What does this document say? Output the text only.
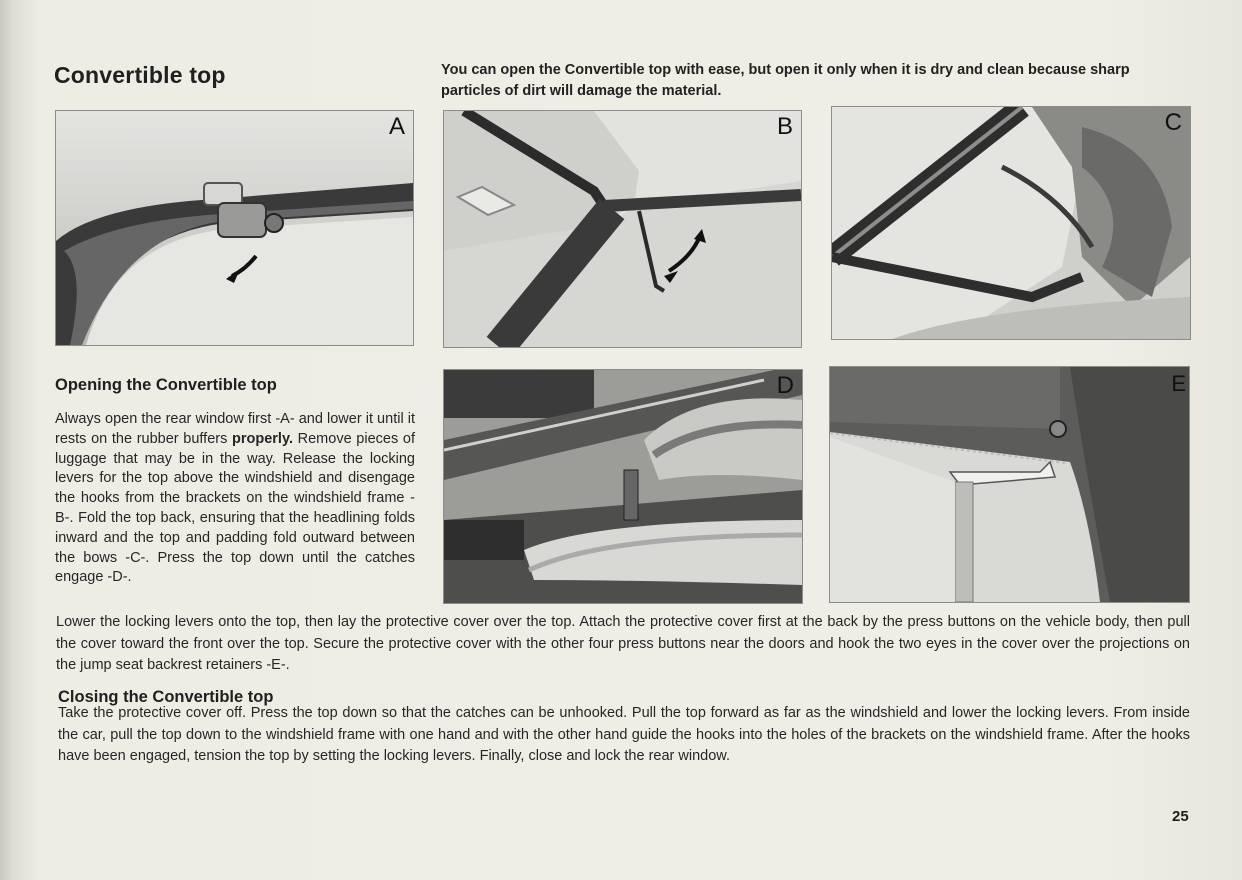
Convertible top	You can open the Convertible top with ease, but open it only when it is dry and clean because sharp particles of dirt will damage the material.
A	B	C
D	E
Opening the Convertible top
Always open the rear window first -A- and lower it until it rests on the rubber buffers properly. Remove pieces of luggage that may be in the way. Release the locking levers for the top above the windshield and disengage the hooks from the brackets on the windshield frame -B-. Fold the top back, ensuring that the headlining folds inward and the top and padding fold outward between the bows -C-. Press the top down until the catches engage -D-.
Lower the locking levers onto the top, then lay the protective cover over the top. Attach the protective cover first at the back by the press buttons on the vehicle body, then pull the cover toward the front over the top. Secure the protective cover with the other four press buttons near the doors and hook the two eyes in the cover over the projections on the jump seat backrest retainers -E-.
Closing the Convertible top
Take the protective cover off. Press the top down so that the catches can be unhooked. Pull the top forward as far as the windshield and lower the locking levers. From inside the car, pull the top down to the windshield frame with one hand and with the other hand guide the hooks into the holes of the brackets on the windshield frame. After the hooks have been engaged, tension the top by setting the locking levers. Finally, close and lock the rear window.
25
